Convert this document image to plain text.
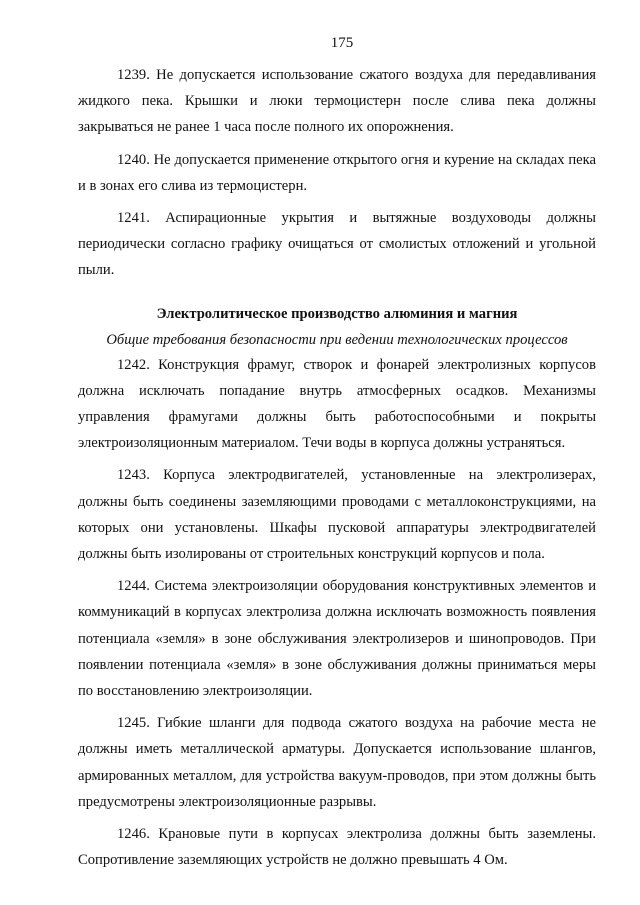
175

1239. Не допускается использование сжатого воздуха для передавливания жидкого пека. Крышки и люки термоцистерн после слива пека должны закрываться не ранее 1 часа после полного их опорожнения.

1240. Не допускается применение открытого огня и курение на складах пека и в зонах его слива из термоцистерн.

1241. Аспирационные укрытия и вытяжные воздуховоды должны периодически согласно графику очищаться от смолистых отложений и угольной пыли.

Электролитическое производство алюминия и магния
Общие требования безопасности при ведении технологических процессов

1242. Конструкция фрамуг, створок и фонарей электролизных корпусов должна исключать попадание внутрь атмосферных осадков. Механизмы управления фрамугами должны быть работоспособными и покрыты электроизоляционным материалом. Течи воды в корпуса должны устраняться.

1243. Корпуса электродвигателей, установленные на электролизерах, должны быть соединены заземляющими проводами с металлоконструкциями, на которых они установлены. Шкафы пусковой аппаратуры электродвигателей должны быть изолированы от строительных конструкций корпусов и пола.

1244. Система электроизоляции оборудования конструктивных элементов и коммуникаций в корпусах электролиза должна исключать возможность появления потенциала «земля» в зоне обслуживания электролизеров и шинопроводов. При появлении потенциала «земля» в зоне обслуживания должны приниматься меры по восстановлению электроизоляции.

1245. Гибкие шланги для подвода сжатого воздуха на рабочие места не должны иметь металлической арматуры. Допускается использование шлангов, армированных металлом, для устройства вакуум-проводов, при этом должны быть предусмотрены электроизоляционные разрывы.

1246. Крановые пути в корпусах электролиза должны быть заземлены. Сопротивление заземляющих устройств не должно превышать 4 Ом.
